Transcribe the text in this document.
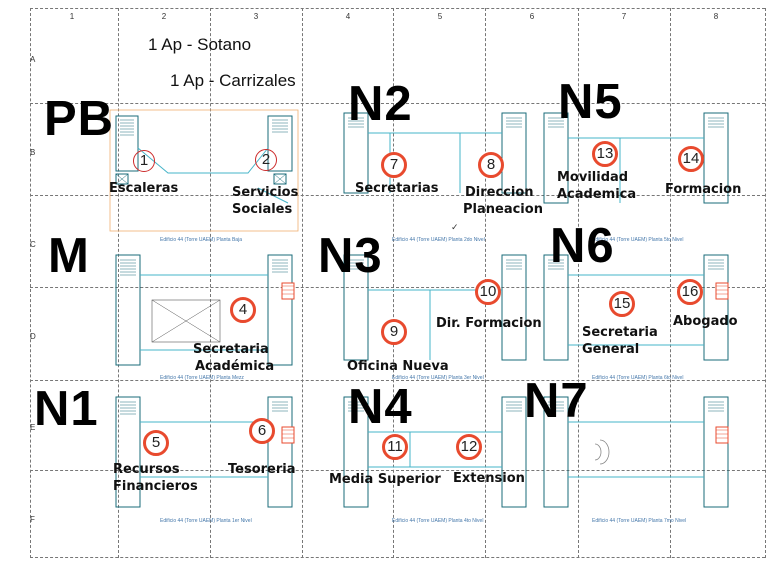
1	2	3	4	5	6	7	8
A
B
C
D
E
F
1 Ap - Sotano
1 Ap - Carrizales
Edificio 44 (Torre UAEM) Planta Baja
Edificio 44 (Torre UAEM) Planta Mezz
Edificio 44 (Torre UAEM) Planta 1er Nivel
Edificio 44 (Torre UAEM) Planta 2do Nivel
Edificio 44 (Torre UAEM) Planta 3er Nivel
Edificio 44 (Torre UAEM) Planta 4to Nivel
Edificio 44 (Torre UAEM) Planta 5to Nivel
Edificio 44 (Torre UAEM) Planta 6to Nivel
Edificio 44 (Torre UAEM) Planta 7mo Nivel
PB
M
N1
N2
N3
N4
N5
N6
N7
1	2
4
5
6
7	8
9
10
11	12
13	14
15
16
Escaleras	Servicios
Sociales
Secretaria
Académica
Recursos
Financieros
Tesoreria
Secretarias Direccion
Planeacion
Oficina Nueva
Dir. Formacion
Media Superior Extension
Movilidad
Academica Formacion
Secretaria
General
Abogado
✓
